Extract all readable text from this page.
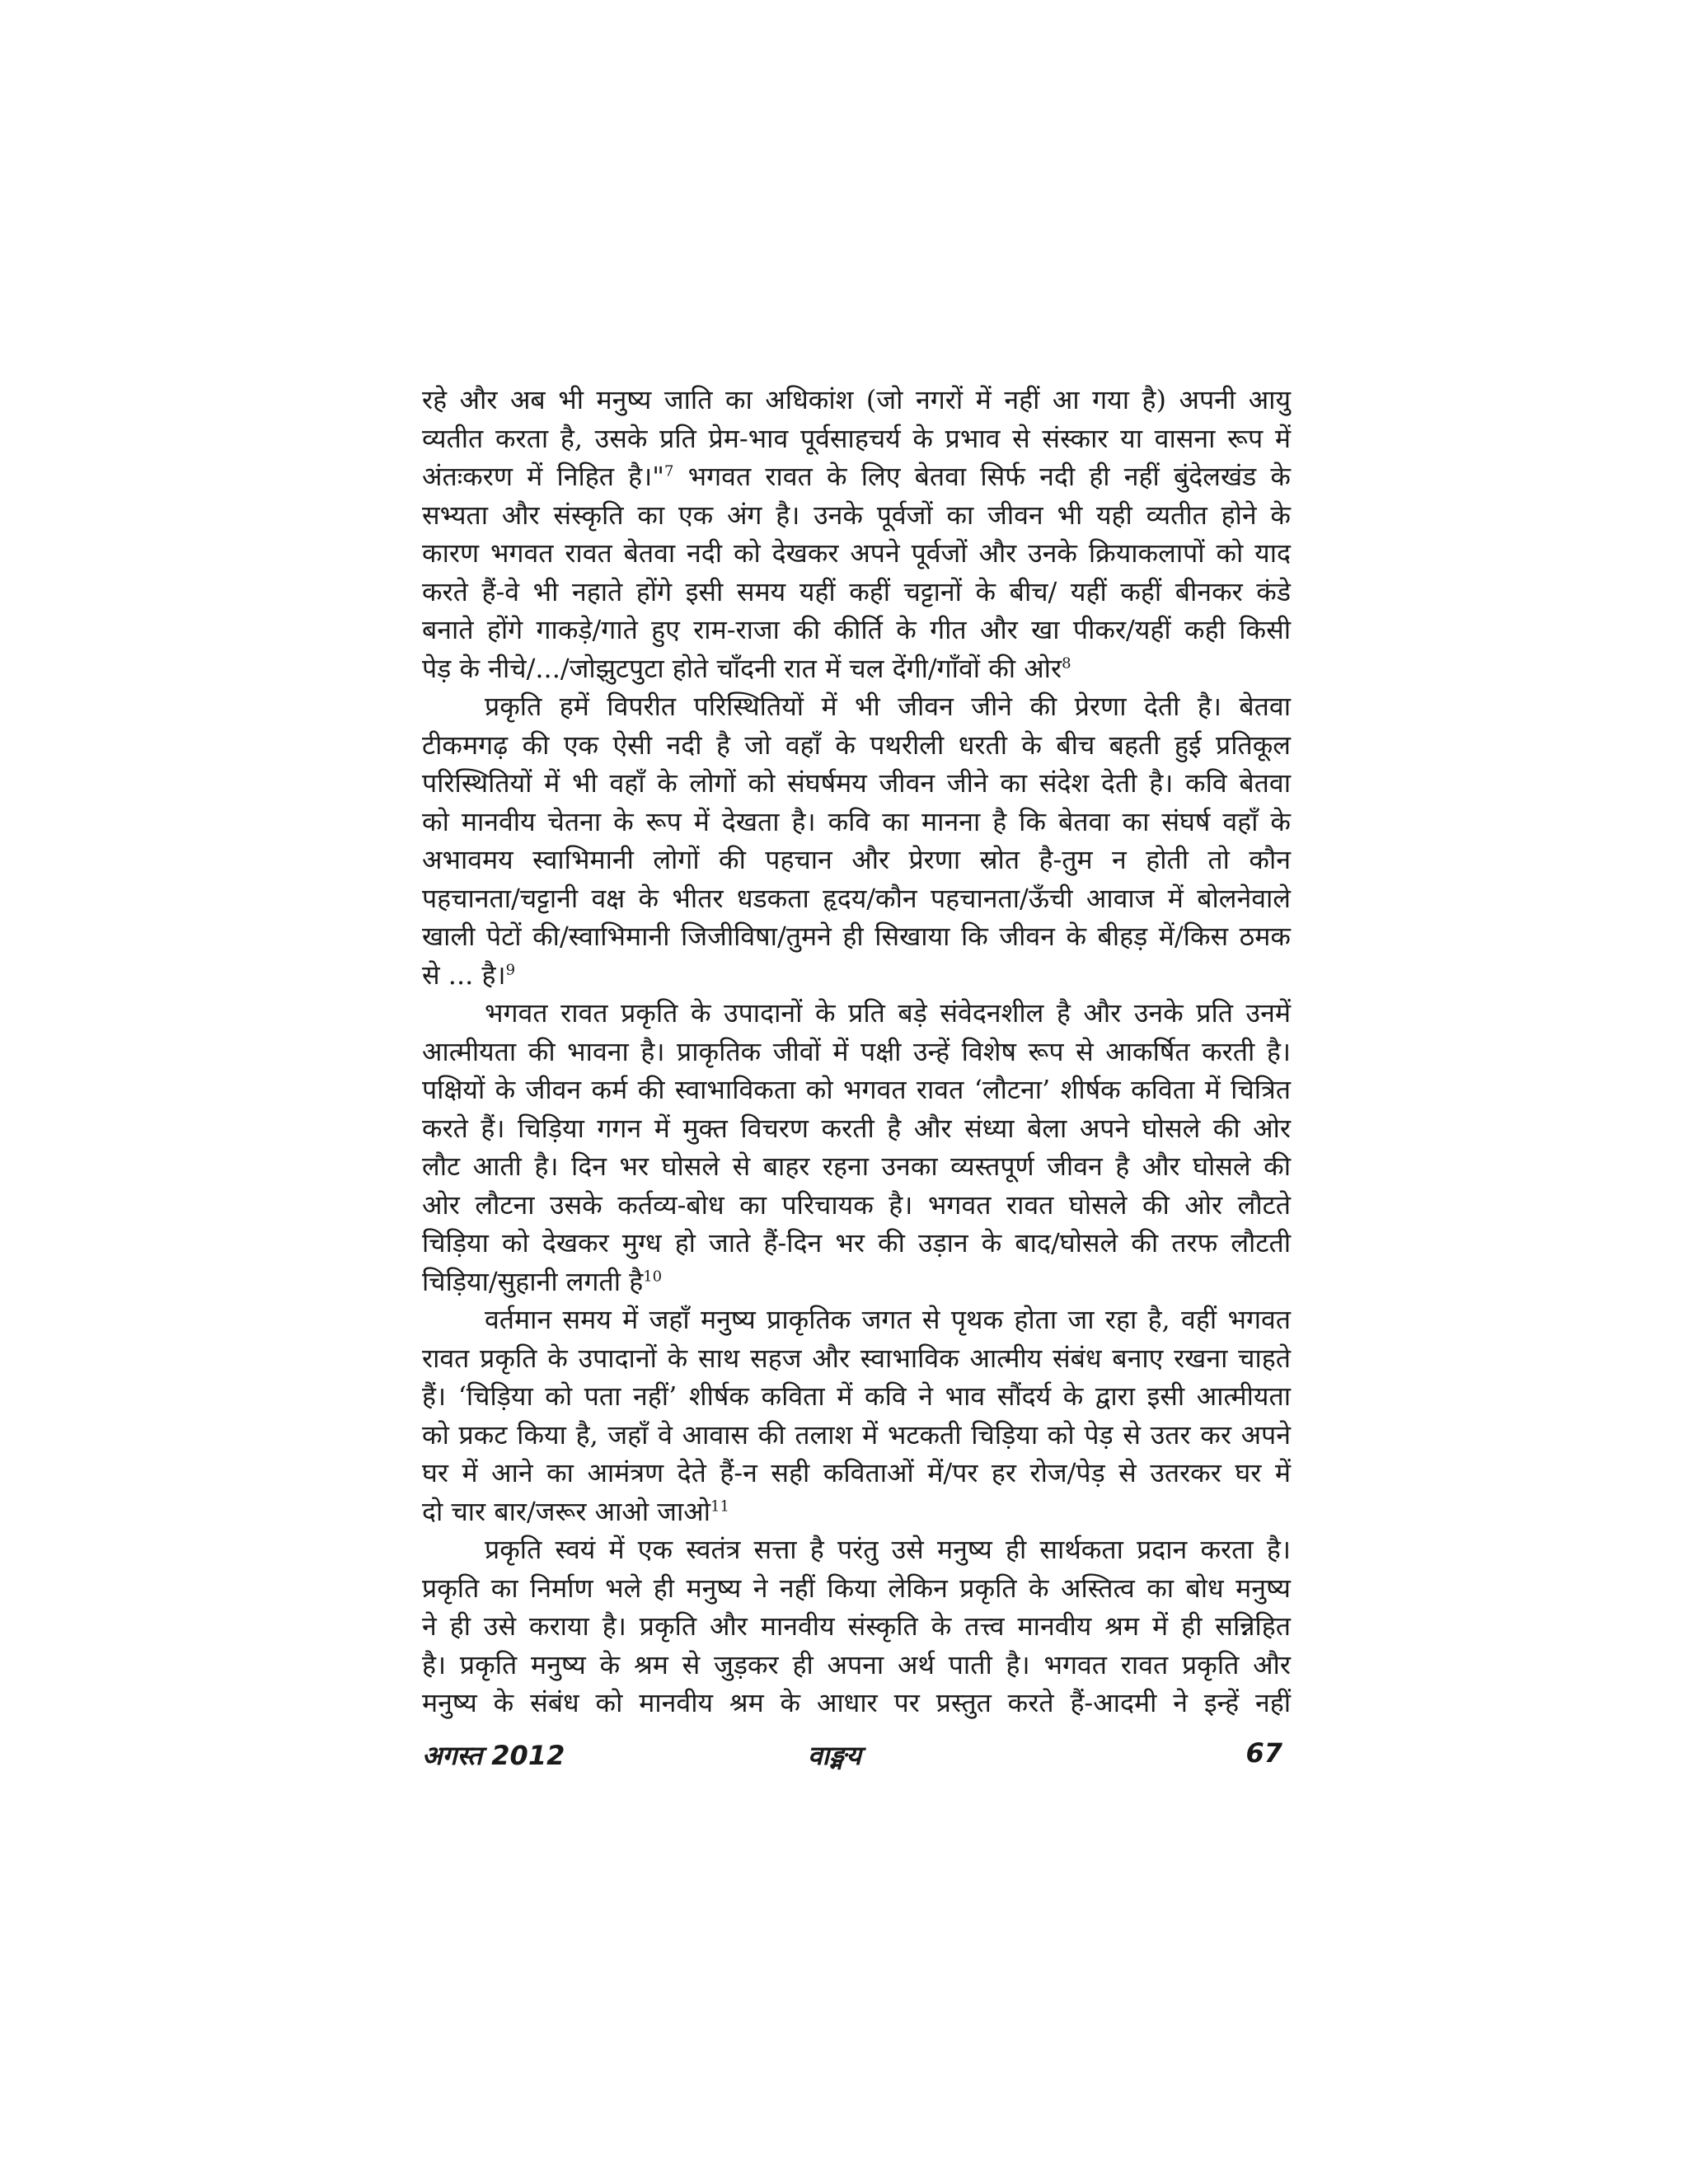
रहे और अब भी मनुष्य जाति का अधिकांश (जो नगरों में नहीं आ गया है) अपनी आयु
व्यतीत करता है, उसके प्रति प्रेम-भाव पूर्वसाहचर्य के प्रभाव से संस्कार या वासना रूप में
अंतःकरण में निहित है।"$^7$ भगवत रावत के लिए बेतवा सिर्फ नदी ही नहीं बुंदेलखंड के
सभ्यता और संस्कृति का एक अंग है। उनके पूर्वजों का जीवन भी यही व्यतीत होने के
कारण भगवत रावत बेतवा नदी को देखकर अपने पूर्वजों और उनके क्रियाकलापों को याद
करते हैं-वे भी नहाते होंगे इसी समय यहीं कहीं चट्टानों के बीच/ यहीं कहीं बीनकर कंडे
बनाते होंगे गाकड़े/गाते हुए राम-राजा की कीर्ति के गीत और खा पीकर/यहीं कही किसी
पेड़ के नीचे/.../जोझुटपुटा होते चाँदनी रात में चल देंगी/गाँवों की ओर$^8$

प्रकृति हमें विपरीत परिस्थितियों में भी जीवन जीने की प्रेरणा देती है। बेतवा
टीकमगढ़ की एक ऐसी नदी है जो वहाँ के पथरीली धरती के बीच बहती हुई प्रतिकूल
परिस्थितियों में भी वहाँ के लोगों को संघर्षमय जीवन जीने का संदेश देती है। कवि बेतवा
को मानवीय चेतना के रूप में देखता है। कवि का मानना है कि बेतवा का संघर्ष वहाँ के
अभावमय स्वाभिमानी लोगों की पहचान और प्रेरणा स्रोत है-तुम न होती तो कौन
पहचानता/चट्टानी वक्ष के भीतर धडकता हृदय/कौन पहचानता/ऊँची आवाज में बोलनेवाले
खाली पेटों की/स्वाभिमानी जिजीविषा/तुमने ही सिखाया कि जीवन के बीहड़ में/किस ठमक
से ... है।$^9$

भगवत रावत प्रकृति के उपादानों के प्रति बड़े संवेदनशील है और उनके प्रति उनमें
आत्मीयता की भावना है। प्राकृतिक जीवों में पक्षी उन्हें विशेष रूप से आकर्षित करती है।
पक्षियों के जीवन कर्म की स्वाभाविकता को भगवत रावत ‘लौटना’ शीर्षक कविता में चित्रित
करते हैं। चिड़िया गगन में मुक्त विचरण करती है और संध्या बेला अपने घोसले की ओर
लौट आती है। दिन भर घोसले से बाहर रहना उनका व्यस्तपूर्ण जीवन है और घोसले की
ओर लौटना उसके कर्तव्य-बोध का परिचायक है। भगवत रावत घोसले की ओर लौटते
चिड़िया को देखकर मुग्ध हो जाते हैं-दिन भर की उड़ान के बाद/घोसले की तरफ लौटती
चिड़िया/सुहानी लगती है$^{10}$

वर्तमान समय में जहाँ मनुष्य प्राकृतिक जगत से पृथक होता जा रहा है, वहीं भगवत
रावत प्रकृति के उपादानों के साथ सहज और स्वाभाविक आत्मीय संबंध बनाए रखना चाहते
हैं। ‘चिड़िया को पता नहीं’ शीर्षक कविता में कवि ने भाव सौंदर्य के द्वारा इसी आत्मीयता
को प्रकट किया है, जहाँ वे आवास की तलाश में भटकती चिड़िया को पेड़ से उतर कर अपने
घर में आने का आमंत्रण देते हैं-न सही कविताओं में/पर हर रोज/पेड़ से उतरकर घर में
दो चार बार/जरूर आओ जाओ$^{11}$

प्रकृति स्वयं में एक स्वतंत्र सत्ता है परंतु उसे मनुष्य ही सार्थकता प्रदान करता है।
प्रकृति का निर्माण भले ही मनुष्य ने नहीं किया लेकिन प्रकृति के अस्तित्व का बोध मनुष्य
ने ही उसे कराया है। प्रकृति और मानवीय संस्कृति के तत्त्व मानवीय श्रम में ही सन्निहित
है। प्रकृति मनुष्य के श्रम से जुड़कर ही अपना अर्थ पाती है। भगवत रावत प्रकृति और
मनुष्य के संबंध को मानवीय श्रम के आधार पर प्रस्तुत करते हैं-आदमी ने इन्हें नहीं

अगस्त 2012	वाङ्मय	67
